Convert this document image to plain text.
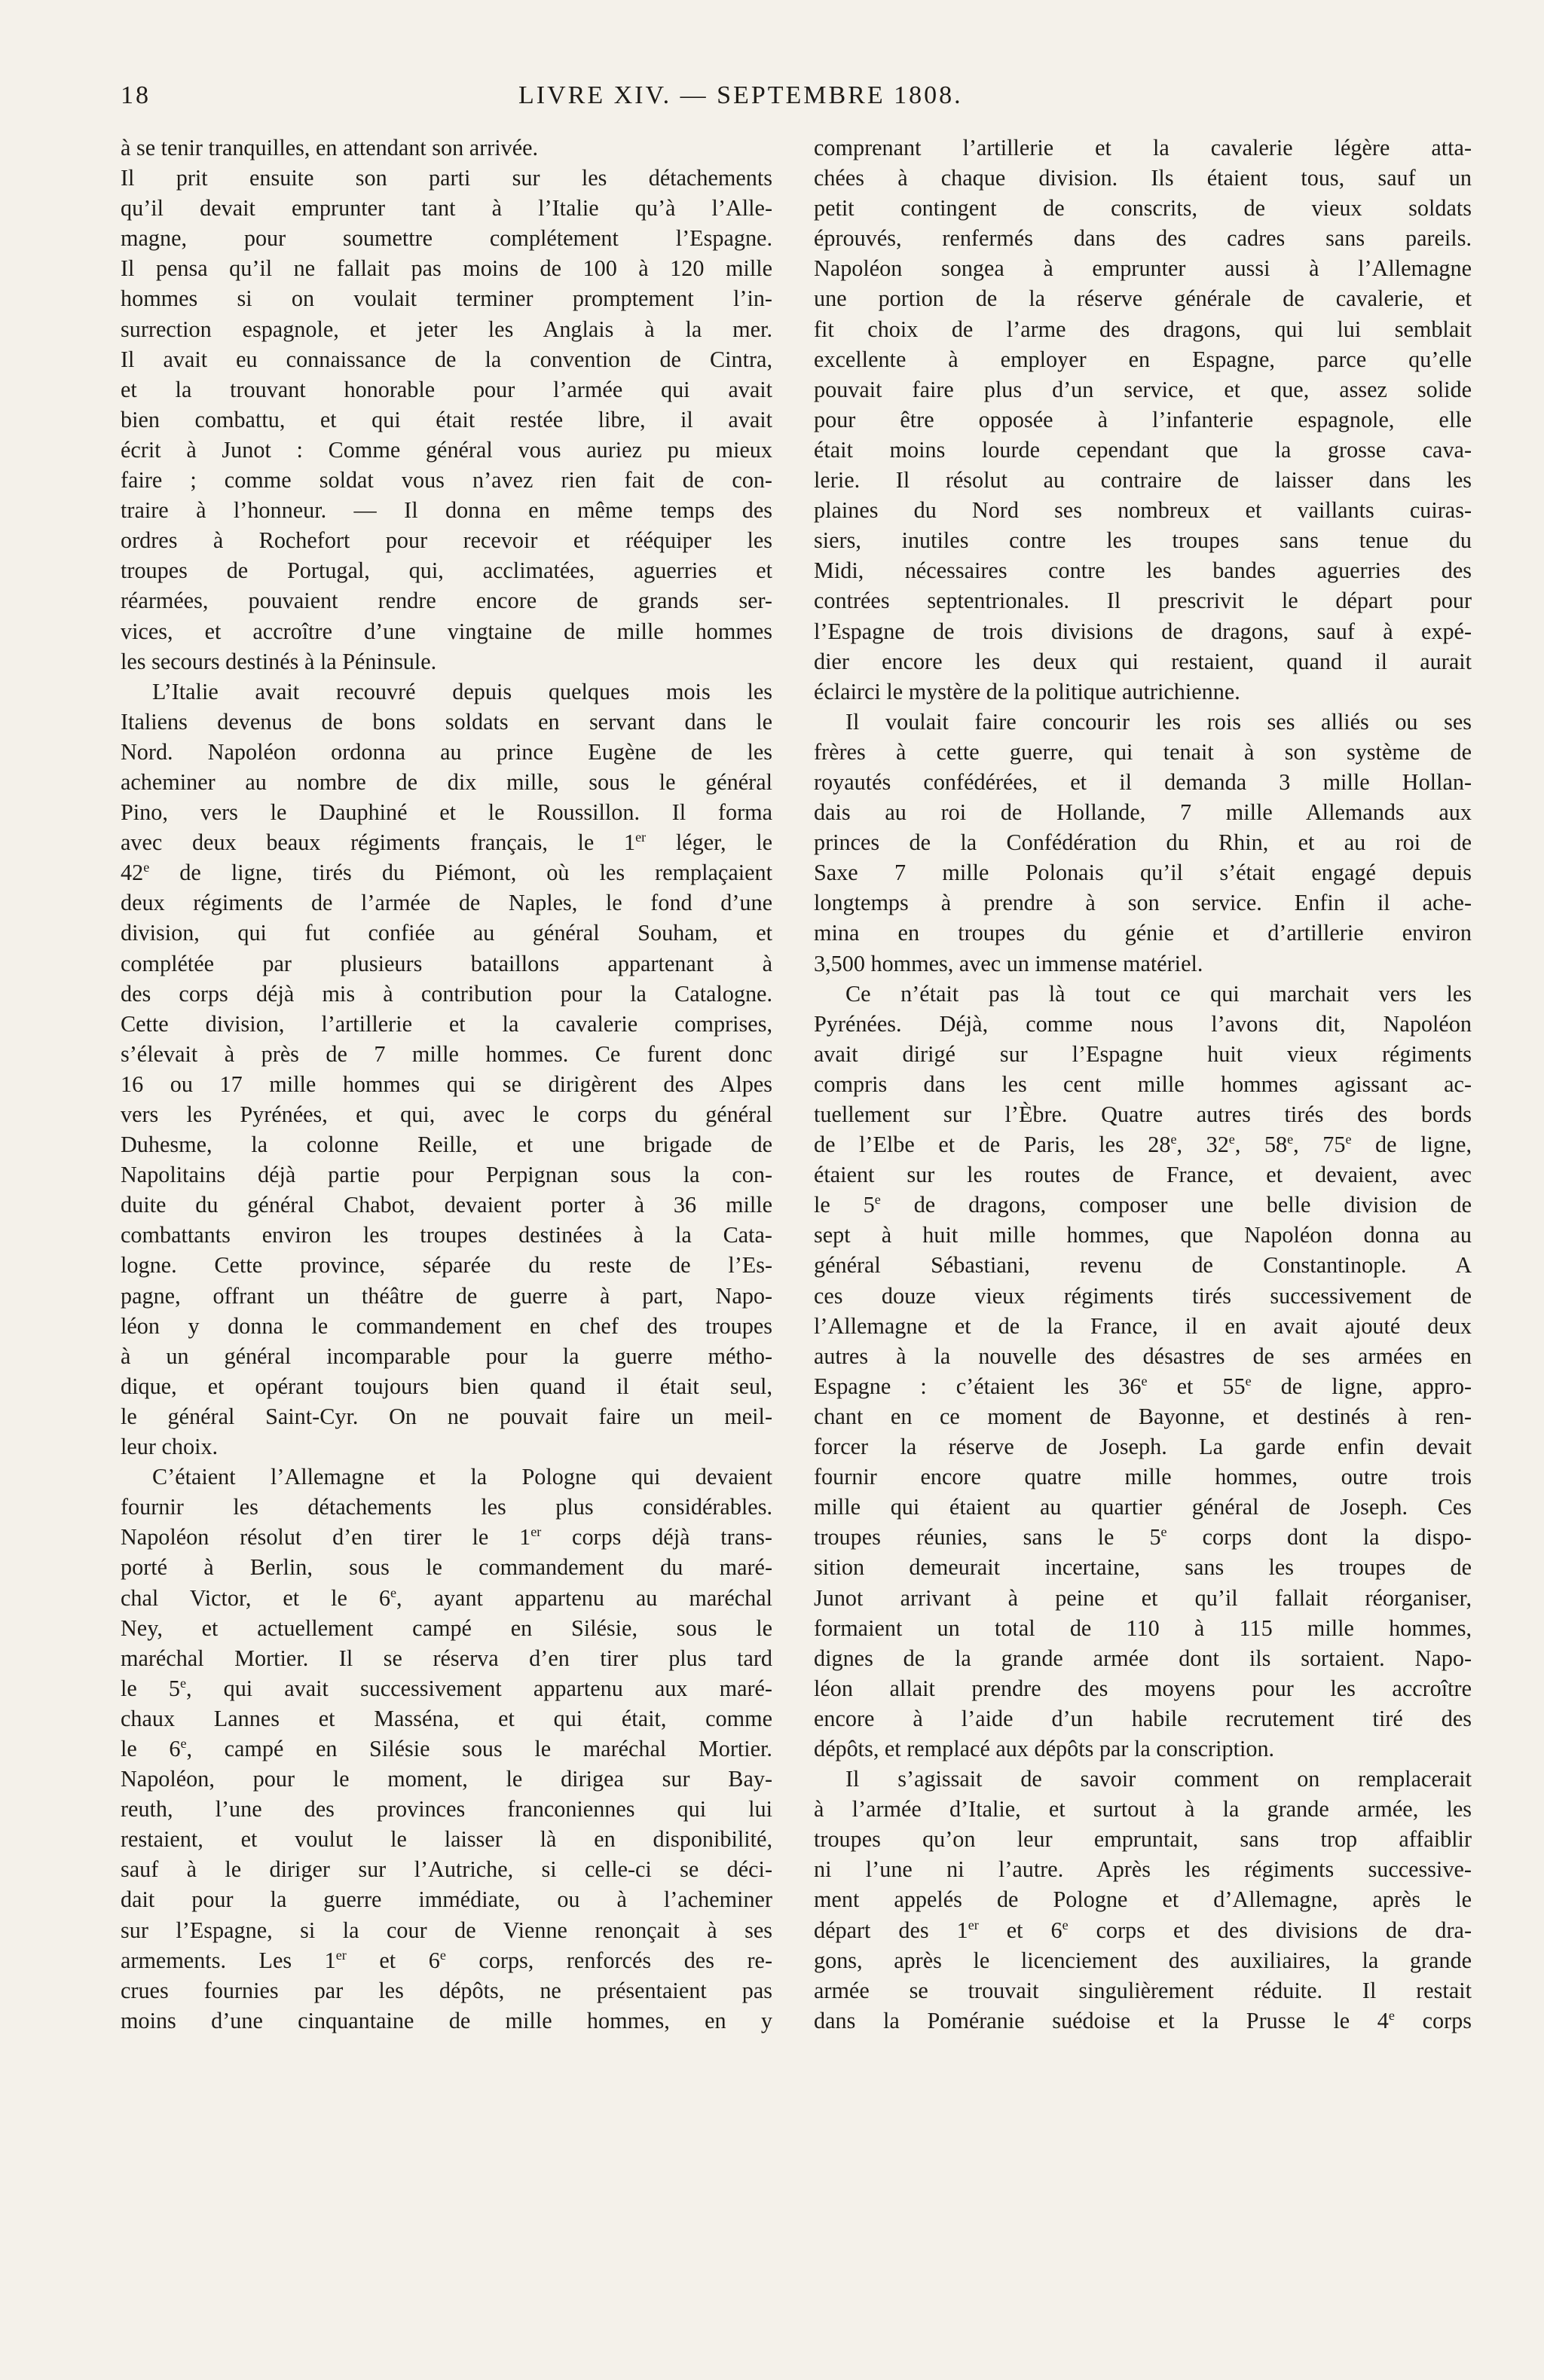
18	LIVRE XIV. — SEPTEMBRE 1808.
à se tenir tranquilles, en attendant son arrivée.
Il prit ensuite son parti sur les détachements
qu’il devait emprunter tant à l’Italie qu’à l’Alle-
magne, pour soumettre complétement l’Espagne.
Il pensa qu’il ne fallait pas moins de 100 à 120 mille
hommes si on voulait terminer promptement l’in-
surrection espagnole, et jeter les Anglais à la mer.
Il avait eu connaissance de la convention de Cintra,
et la trouvant honorable pour l’armée qui avait
bien combattu, et qui était restée libre, il avait
écrit à Junot : Comme général vous auriez pu mieux
faire ; comme soldat vous n’avez rien fait de con-
traire à l’honneur. — Il donna en même temps des
ordres à Rochefort pour recevoir et rééquiper les
troupes de Portugal, qui, acclimatées, aguerries et
réarmées, pouvaient rendre encore de grands ser-
vices, et accroître d’une vingtaine de mille hommes
les secours destinés à la Péninsule.
L’Italie avait recouvré depuis quelques mois les
Italiens devenus de bons soldats en servant dans le
Nord. Napoléon ordonna au prince Eugène de les
acheminer au nombre de dix mille, sous le général
Pino, vers le Dauphiné et le Roussillon. Il forma
avec deux beaux régiments français, le 1er léger, le
42e de ligne, tirés du Piémont, où les remplaçaient
deux régiments de l’armée de Naples, le fond d’une
division, qui fut confiée au général Souham, et
complétée par plusieurs bataillons appartenant à
des corps déjà mis à contribution pour la Catalogne.
Cette division, l’artillerie et la cavalerie comprises,
s’élevait à près de 7 mille hommes. Ce furent donc
16 ou 17 mille hommes qui se dirigèrent des Alpes
vers les Pyrénées, et qui, avec le corps du général
Duhesme, la colonne Reille, et une brigade de
Napolitains déjà partie pour Perpignan sous la con-
duite du général Chabot, devaient porter à 36 mille
combattants environ les troupes destinées à la Cata-
logne. Cette province, séparée du reste de l’Es-
pagne, offrant un théâtre de guerre à part, Napo-
léon y donna le commandement en chef des troupes
à un général incomparable pour la guerre métho-
dique, et opérant toujours bien quand il était seul,
le général Saint-Cyr. On ne pouvait faire un meil-
leur choix.
C’étaient l’Allemagne et la Pologne qui devaient
fournir les détachements les plus considérables.
Napoléon résolut d’en tirer le 1er corps déjà trans-
porté à Berlin, sous le commandement du maré-
chal Victor, et le 6e, ayant appartenu au maréchal
Ney, et actuellement campé en Silésie, sous le
maréchal Mortier. Il se réserva d’en tirer plus tard
le 5e, qui avait successivement appartenu aux maré-
chaux Lannes et Masséna, et qui était, comme
le 6e, campé en Silésie sous le maréchal Mortier.
Napoléon, pour le moment, le dirigea sur Bay-
reuth, l’une des provinces franconiennes qui lui
restaient, et voulut le laisser là en disponibilité,
sauf à le diriger sur l’Autriche, si celle-ci se déci-
dait pour la guerre immédiate, ou à l’acheminer
sur l’Espagne, si la cour de Vienne renonçait à ses
armements. Les 1er et 6e corps, renforcés des re-
crues fournies par les dépôts, ne présentaient pas
moins d’une cinquantaine de mille hommes, en y
comprenant l’artillerie et la cavalerie légère atta-
chées à chaque division. Ils étaient tous, sauf un
petit contingent de conscrits, de vieux soldats
éprouvés, renfermés dans des cadres sans pareils.
Napoléon songea à emprunter aussi à l’Allemagne
une portion de la réserve générale de cavalerie, et
fit choix de l’arme des dragons, qui lui semblait
excellente à employer en Espagne, parce qu’elle
pouvait faire plus d’un service, et que, assez solide
pour être opposée à l’infanterie espagnole, elle
était moins lourde cependant que la grosse cava-
lerie. Il résolut au contraire de laisser dans les
plaines du Nord ses nombreux et vaillants cuiras-
siers, inutiles contre les troupes sans tenue du
Midi, nécessaires contre les bandes aguerries des
contrées septentrionales. Il prescrivit le départ pour
l’Espagne de trois divisions de dragons, sauf à expé-
dier encore les deux qui restaient, quand il aurait
éclairci le mystère de la politique autrichienne.
Il voulait faire concourir les rois ses alliés ou ses
frères à cette guerre, qui tenait à son système de
royautés confédérées, et il demanda 3 mille Hollan-
dais au roi de Hollande, 7 mille Allemands aux
princes de la Confédération du Rhin, et au roi de
Saxe 7 mille Polonais qu’il s’était engagé depuis
longtemps à prendre à son service. Enfin il ache-
mina en troupes du génie et d’artillerie environ
3,500 hommes, avec un immense matériel.
Ce n’était pas là tout ce qui marchait vers les
Pyrénées. Déjà, comme nous l’avons dit, Napoléon
avait dirigé sur l’Espagne huit vieux régiments
compris dans les cent mille hommes agissant ac-
tuellement sur l’Èbre. Quatre autres tirés des bords
de l’Elbe et de Paris, les 28e, 32e, 58e, 75e de ligne,
étaient sur les routes de France, et devaient, avec
le 5e de dragons, composer une belle division de
sept à huit mille hommes, que Napoléon donna au
général Sébastiani, revenu de Constantinople. A
ces douze vieux régiments tirés successivement de
l’Allemagne et de la France, il en avait ajouté deux
autres à la nouvelle des désastres de ses armées en
Espagne : c’étaient les 36e et 55e de ligne, appro-
chant en ce moment de Bayonne, et destinés à ren-
forcer la réserve de Joseph. La garde enfin devait
fournir encore quatre mille hommes, outre trois
mille qui étaient au quartier général de Joseph. Ces
troupes réunies, sans le 5e corps dont la dispo-
sition demeurait incertaine, sans les troupes de
Junot arrivant à peine et qu’il fallait réorganiser,
formaient un total de 110 à 115 mille hommes,
dignes de la grande armée dont ils sortaient. Napo-
léon allait prendre des moyens pour les accroître
encore à l’aide d’un habile recrutement tiré des
dépôts, et remplacé aux dépôts par la conscription.
Il s’agissait de savoir comment on remplacerait
à l’armée d’Italie, et surtout à la grande armée, les
troupes qu’on leur empruntait, sans trop affaiblir
ni l’une ni l’autre. Après les régiments successive-
ment appelés de Pologne et d’Allemagne, après le
départ des 1er et 6e corps et des divisions de dra-
gons, après le licenciement des auxiliaires, la grande
armée se trouvait singulièrement réduite. Il restait
dans la Poméranie suédoise et la Prusse le 4e corps
